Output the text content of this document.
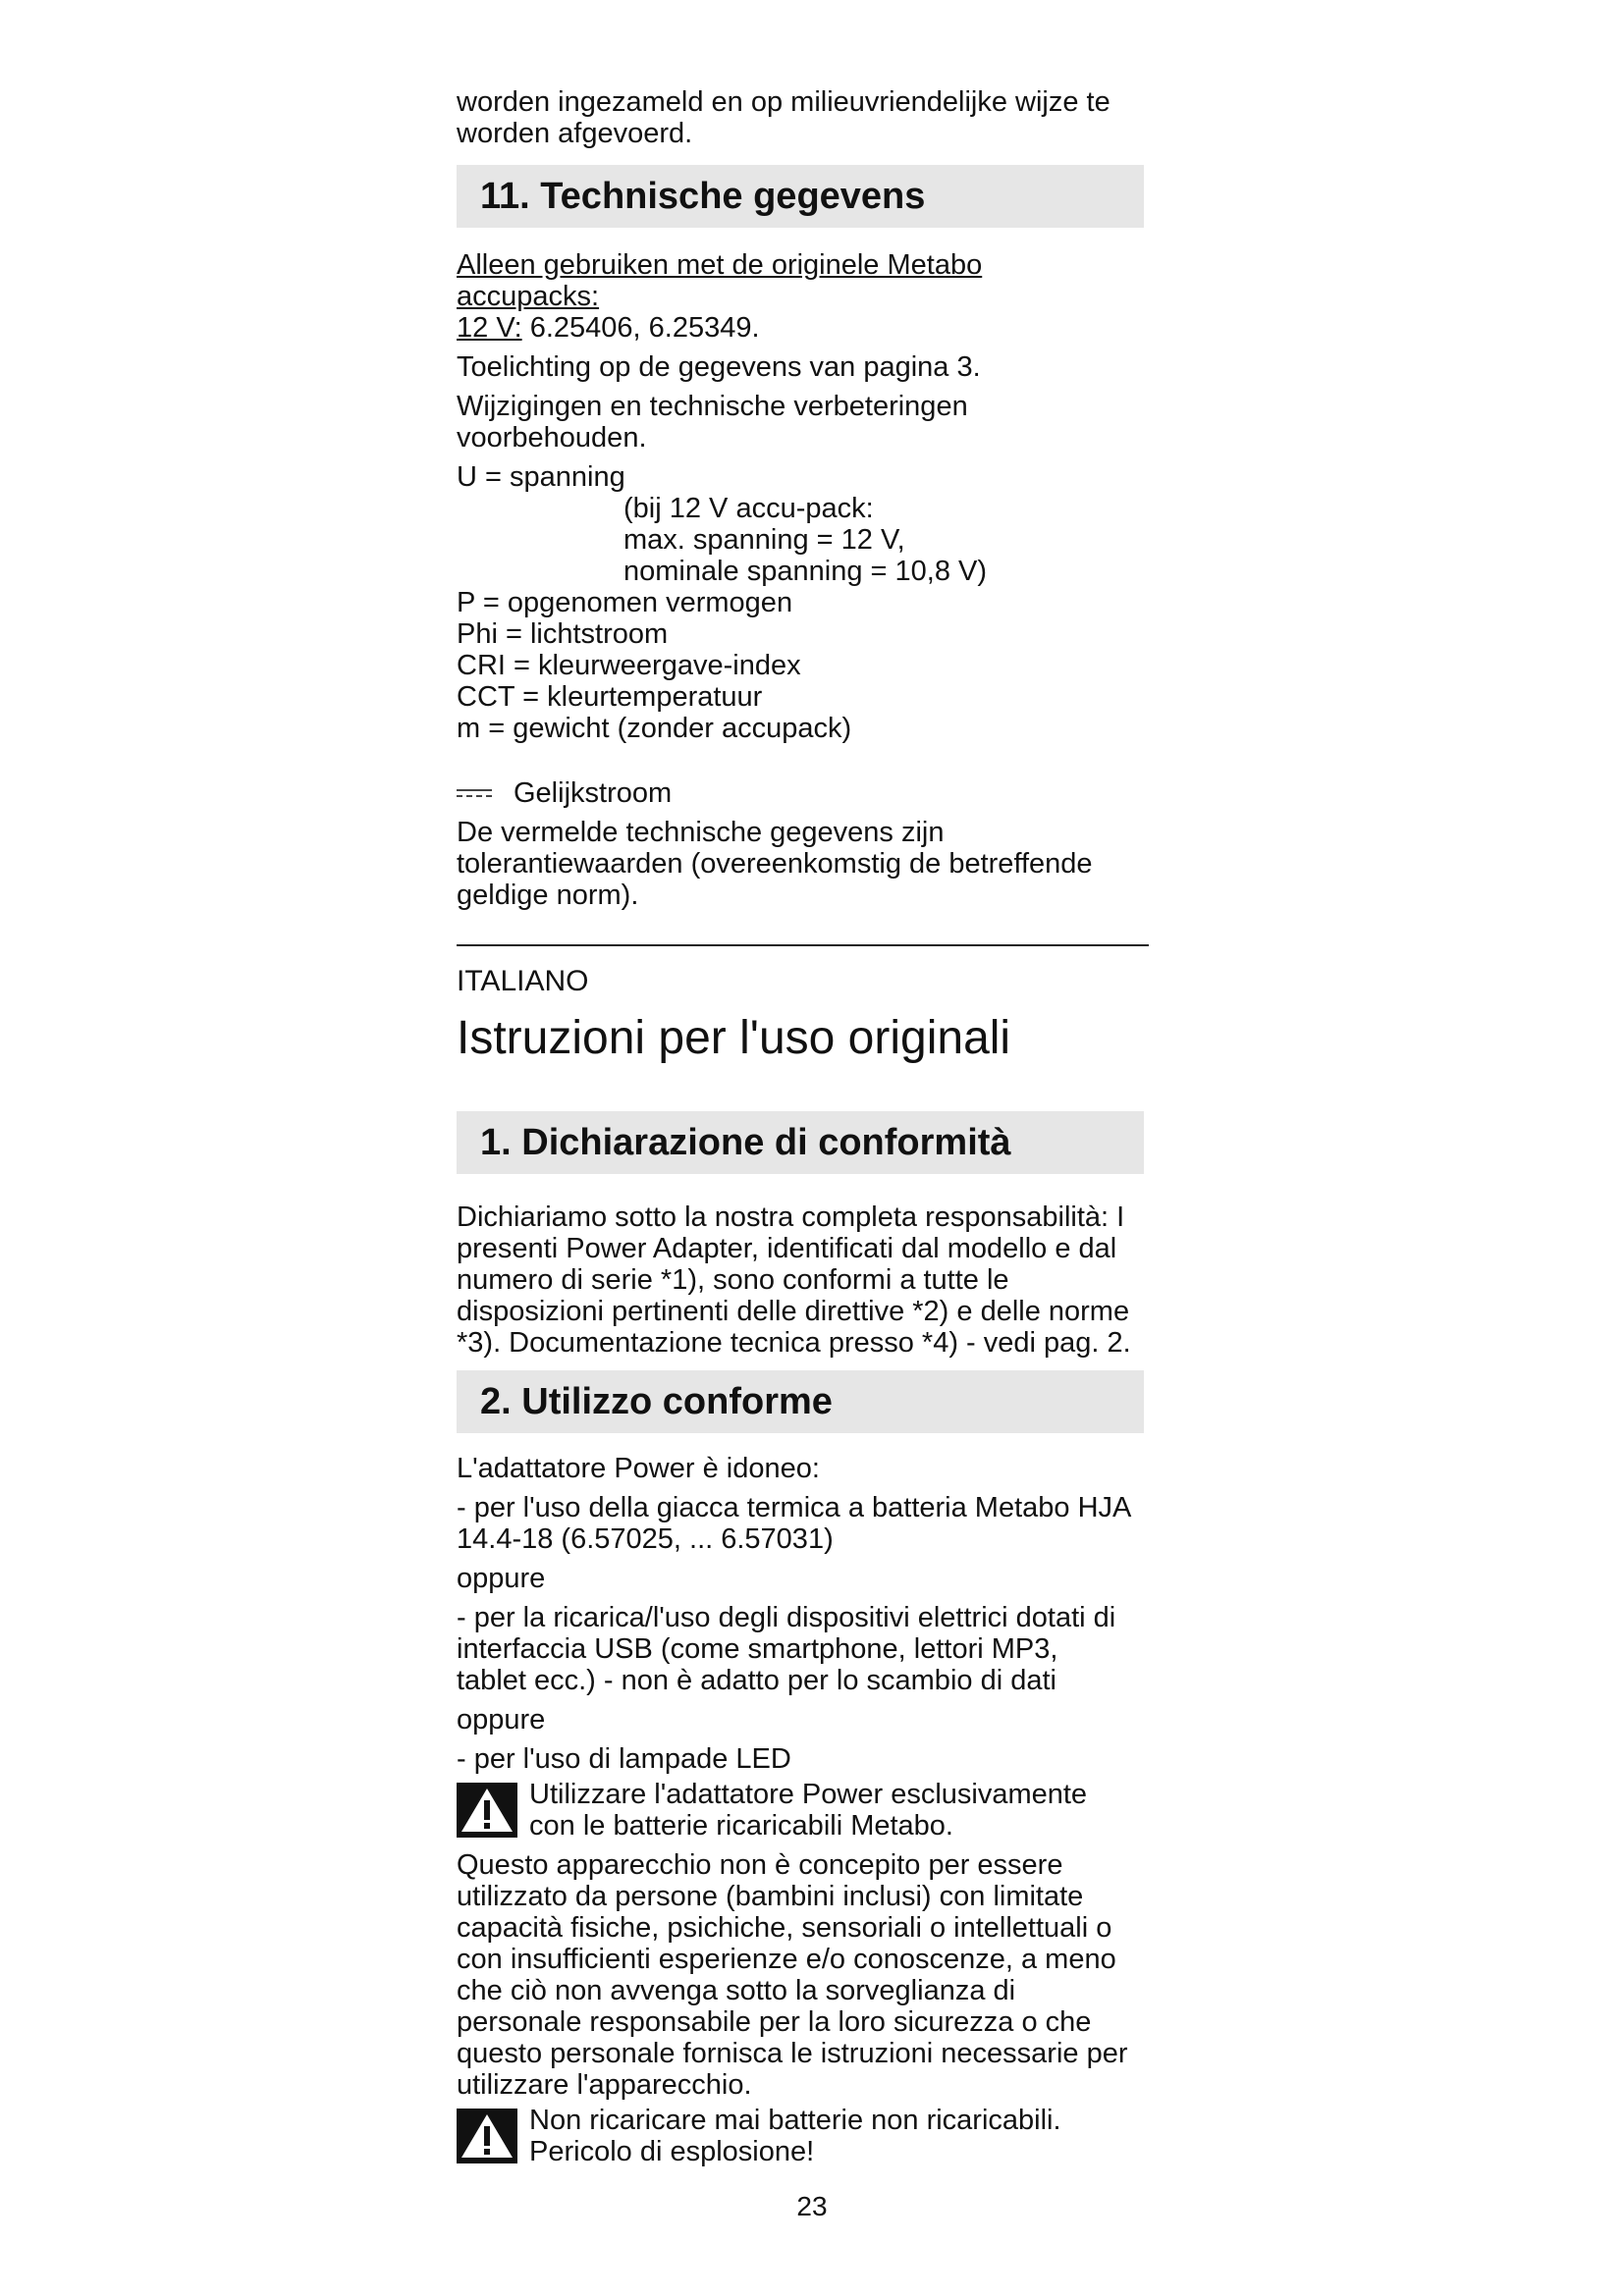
worden ingezameld en op milieuvriendelijke wijze te

worden afgevoerd.

11. Technische gegevens

Alleen gebruiken met de originele Metabo

accupacks:

12 V: 6.25406, 6.25349.

Toelichting op de gegevens van pagina 3.

Wijzigingen en technische verbeteringen

voorbehouden.

U = spanning

(bij 12 V accu-pack:

max. spanning = 12 V,

nominale spanning = 10,8 V)

P = opgenomen vermogen

Phi = lichtstroom

CRI = kleurweergave-index

CCT = kleurtemperatuur

m = gewicht (zonder accupack)

Gelijkstroom

De vermelde technische gegevens zijn

tolerantiewaarden (overeenkomstig de betreffende

geldige norm).

ITALIANO

Istruzioni per l'uso originali

1. Dichiarazione di conformità

Dichiariamo sotto la nostra completa responsabilità: I

presenti Power Adapter, identificati dal modello e dal

numero di serie *1), sono conformi a tutte le

disposizioni pertinenti delle direttive *2) e delle norme

*3). Documentazione tecnica presso *4) - vedi pag. 2.

2. Utilizzo conforme

L'adattatore Power è idoneo:

- per l'uso della giacca termica a batteria Metabo HJA

14.4-18 (6.57025, ... 6.57031)

oppure

- per la ricarica/l'uso degli dispositivi elettrici dotati di

interfaccia USB (come smartphone, lettori MP3,

tablet ecc.) - non è adatto per lo scambio di dati

oppure

- per l'uso di lampade LED

Utilizzare l'adattatore Power esclusivamente

con le batterie ricaricabili Metabo.

Questo apparecchio non è concepito per essere

utilizzato da persone (bambini inclusi) con limitate

capacità fisiche, psichiche, sensoriali o intellettuali o

con insufficienti esperienze e/o conoscenze, a meno

che ciò non avvenga sotto la sorveglianza di

personale responsabile per la loro sicurezza o che

questo personale fornisca le istruzioni necessarie per

utilizzare l'apparecchio.

Non ricaricare mai batterie non ricaricabili.

Pericolo di esplosione!

23
